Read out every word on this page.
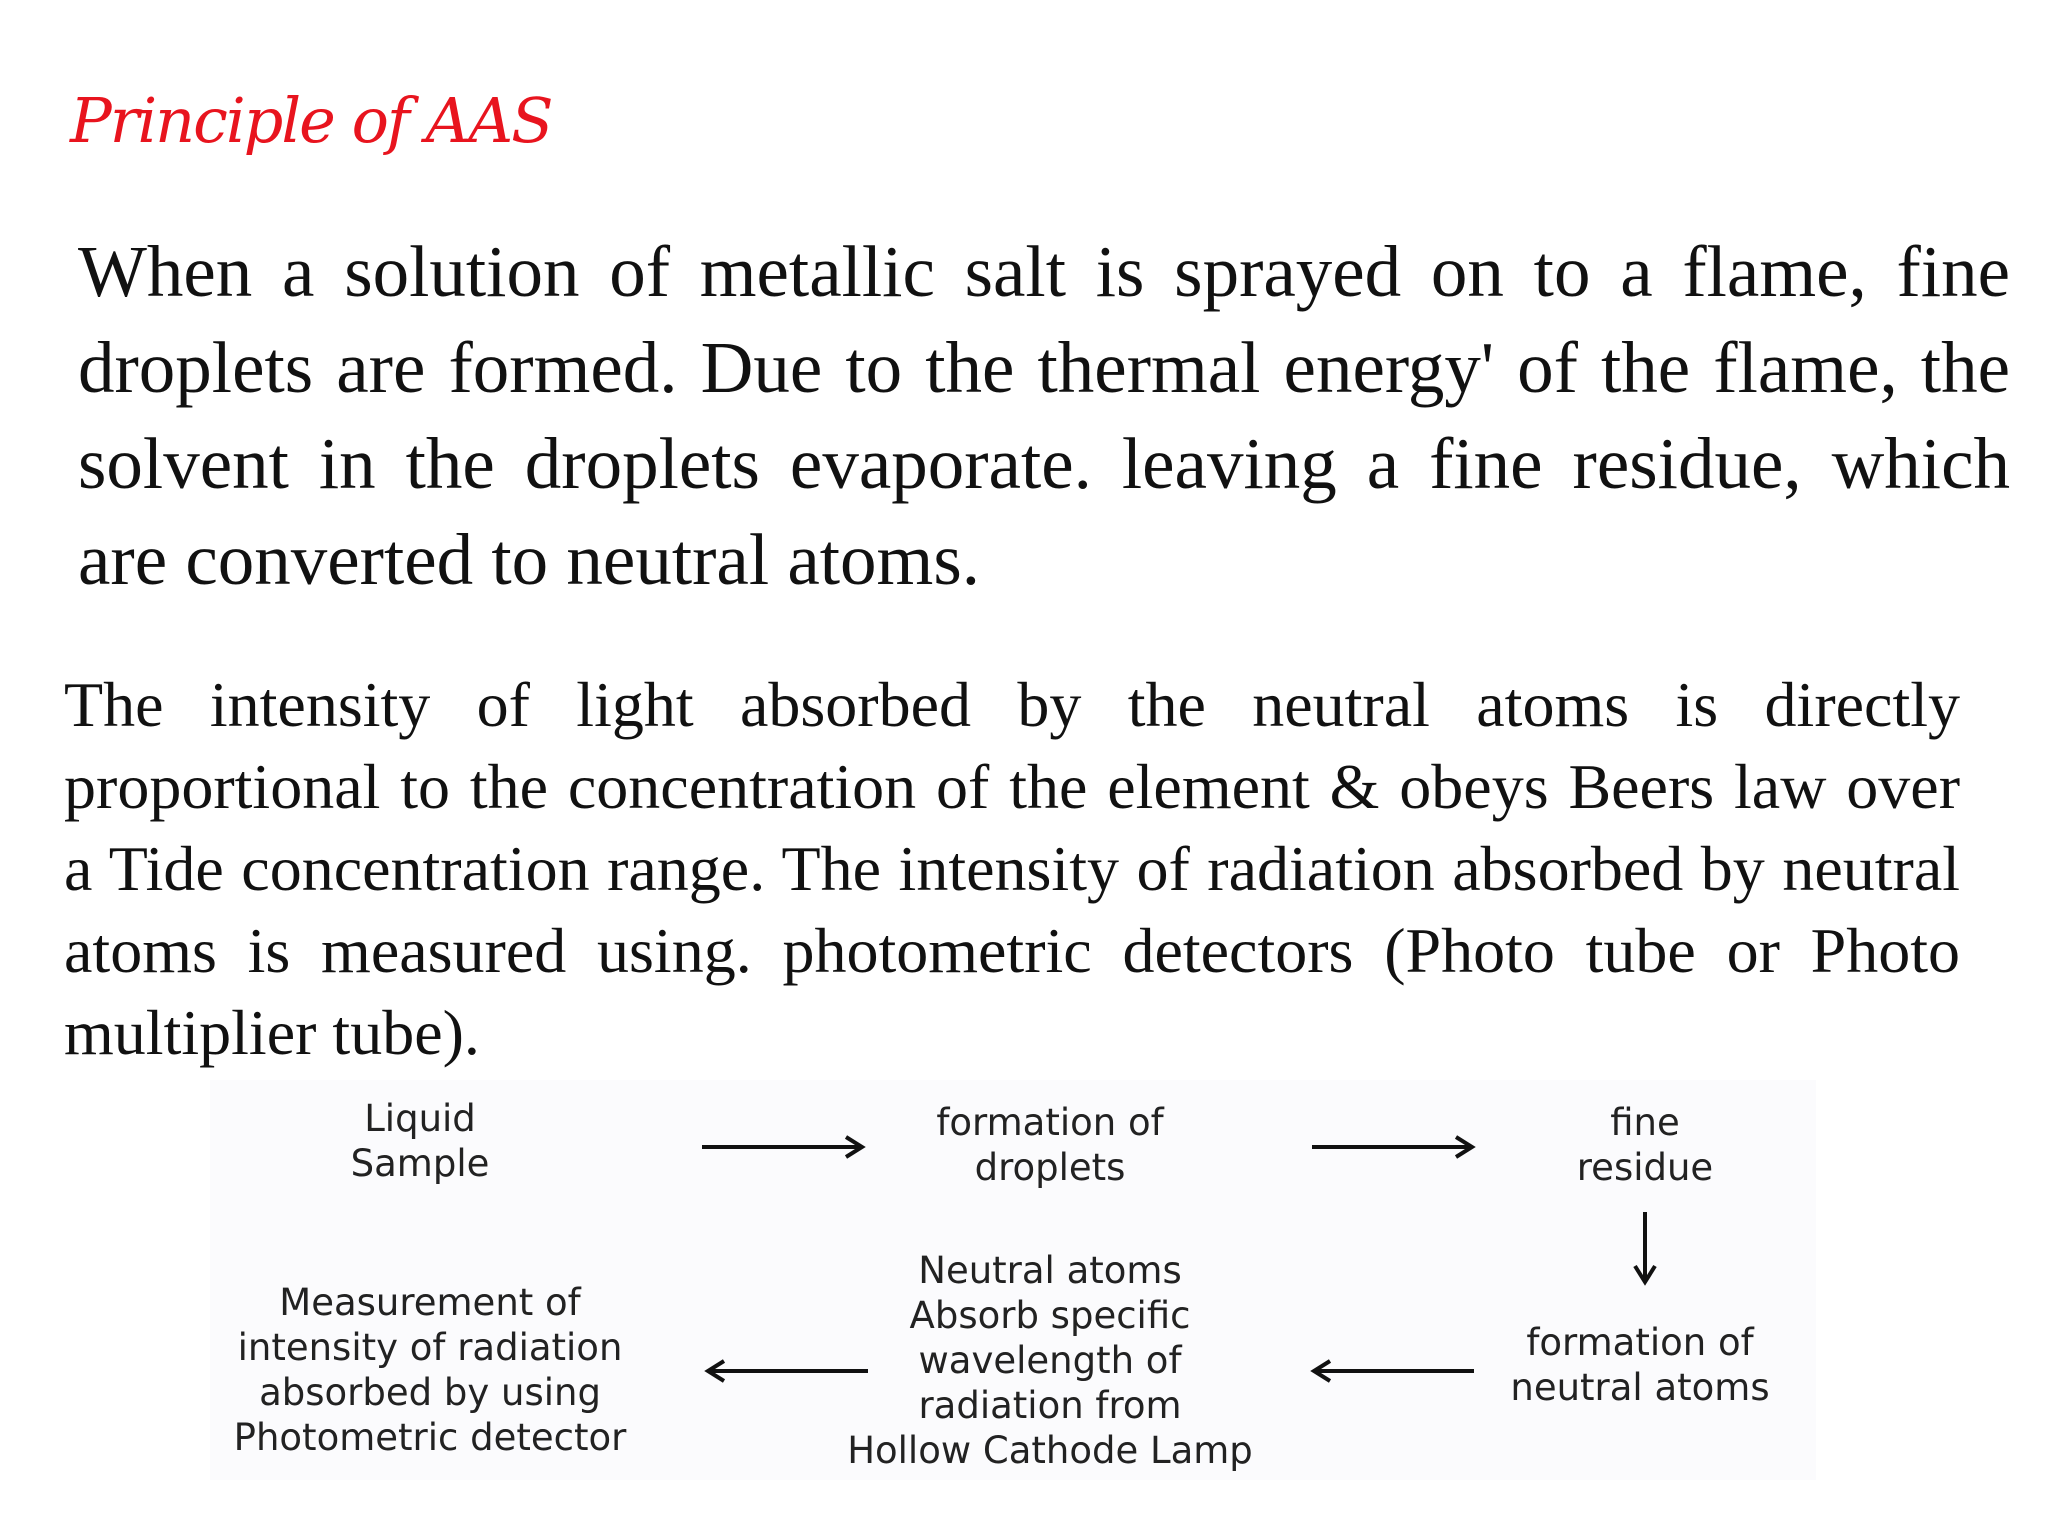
Principle of AAS

When a solution of metallic salt is sprayed on to a flame, fine droplets are formed. Due to the thermal energy' of the flame, the solvent in the droplets evaporate. leaving a fine residue, which are converted to neutral atoms.

The intensity of light absorbed by the neutral atoms is directly proportional to the concentration of the element & obeys Beers law over a Tide concentration range. The intensity of radiation absorbed by neutral atoms is measured using. photometric detectors (Photo tube or Photo multiplier tube).

Liquid
Sample
formation of
droplets
fine
residue
formation of
neutral atoms
Neutral atoms
Absorb specific
wavelength of
radiation from
Hollow Cathode Lamp
Measurement of
intensity of radiation
absorbed by using
Photometric detector
